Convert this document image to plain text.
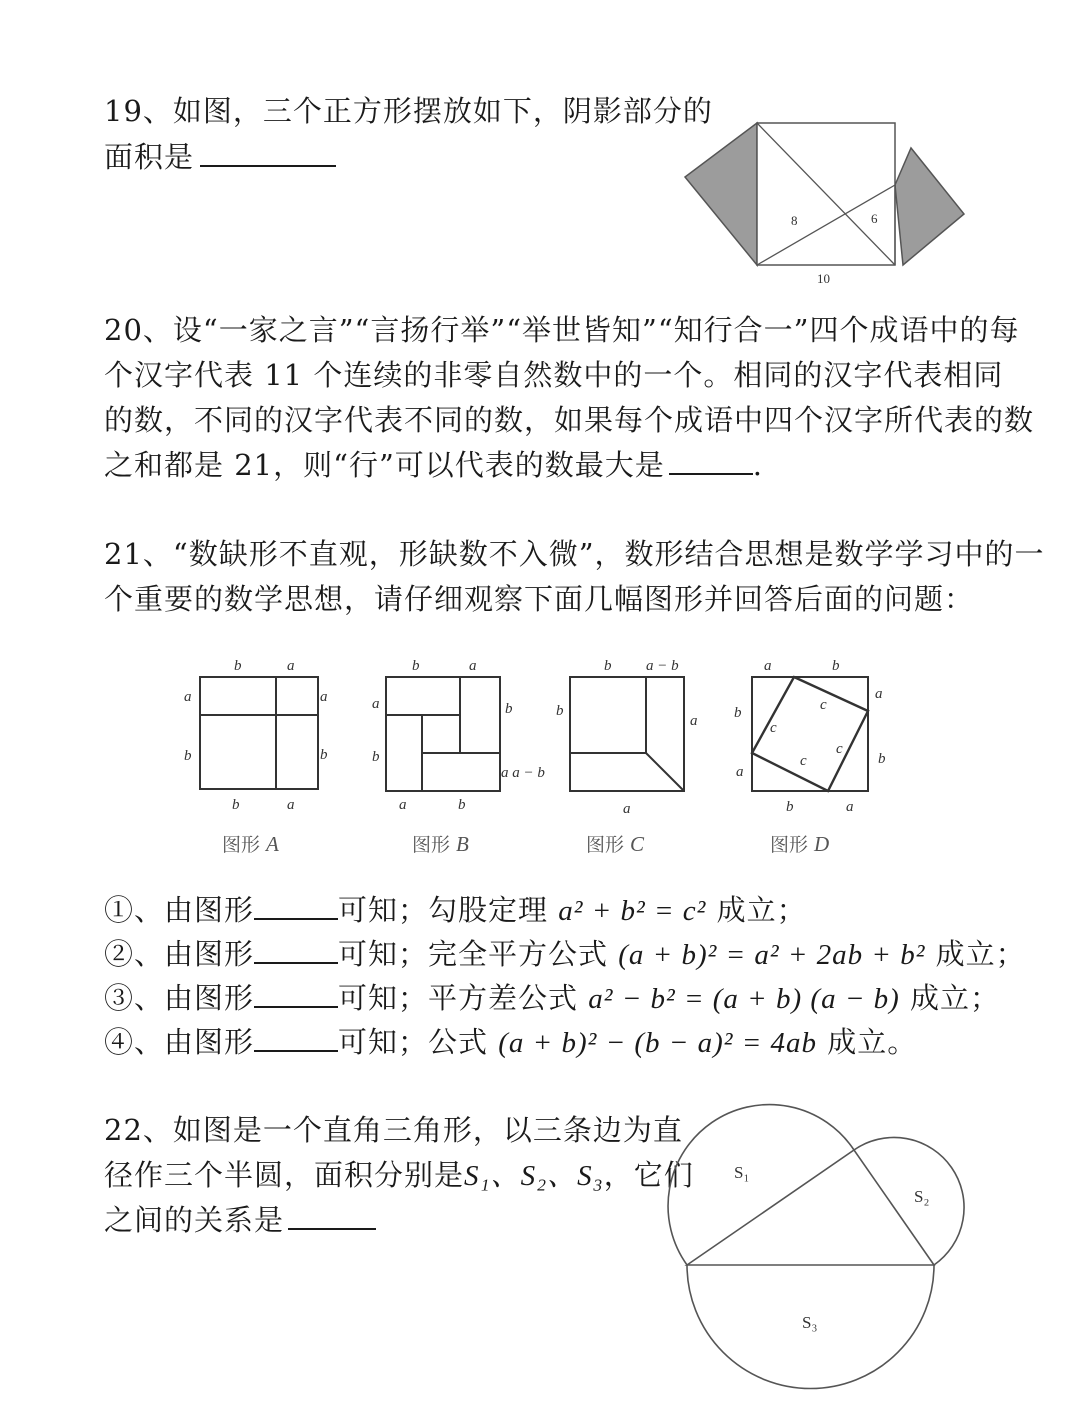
19、如图，三个正方形摆放如下，阴影部分的
面积是
8	6
10
20、设“一家之言”“言扬行举”“举世皆知”“知行合一”四个成语中的每
个汉字代表 11 个连续的非零自然数中的一个。相同的汉字代表相同
的数，不同的汉字代表不同的数，如果每个成语中四个汉字所代表的数
之和都是 21，则“行”可以代表的数最大是	.
21、“数缺形不直观，形缺数不入微”，数形结合思想是数学学习中的一
个重要的数学思想，请仔细观察下面几幅图形并回答后面的问题：
b	a
a
b
a
b
b	a
图形 A
b	a
a
b
b
a a − b
a	b
图形 B
b a − b
b
a
a
图形 C
a	b
b
a
a
b
b	a
c
c
c
c
图形 D
①、由图形	可知；勾股定理 a² + b² = c² 成立；
②、由图形	可知；完全平方公式 (a + b)² = a² + 2ab + b² 成立；
③、由图形	可知；平方差公式 a² − b² = (a + b) (a − b) 成立；
④、由图形	可知；公式 (a + b)² − (b − a)² = 4ab 成立。
22、如图是一个直角三角形，以三条边为直
径作三个半圆，面积分别是S₁、S₂、S₃，它们
之间的关系是
S₁
S₂
S₃
